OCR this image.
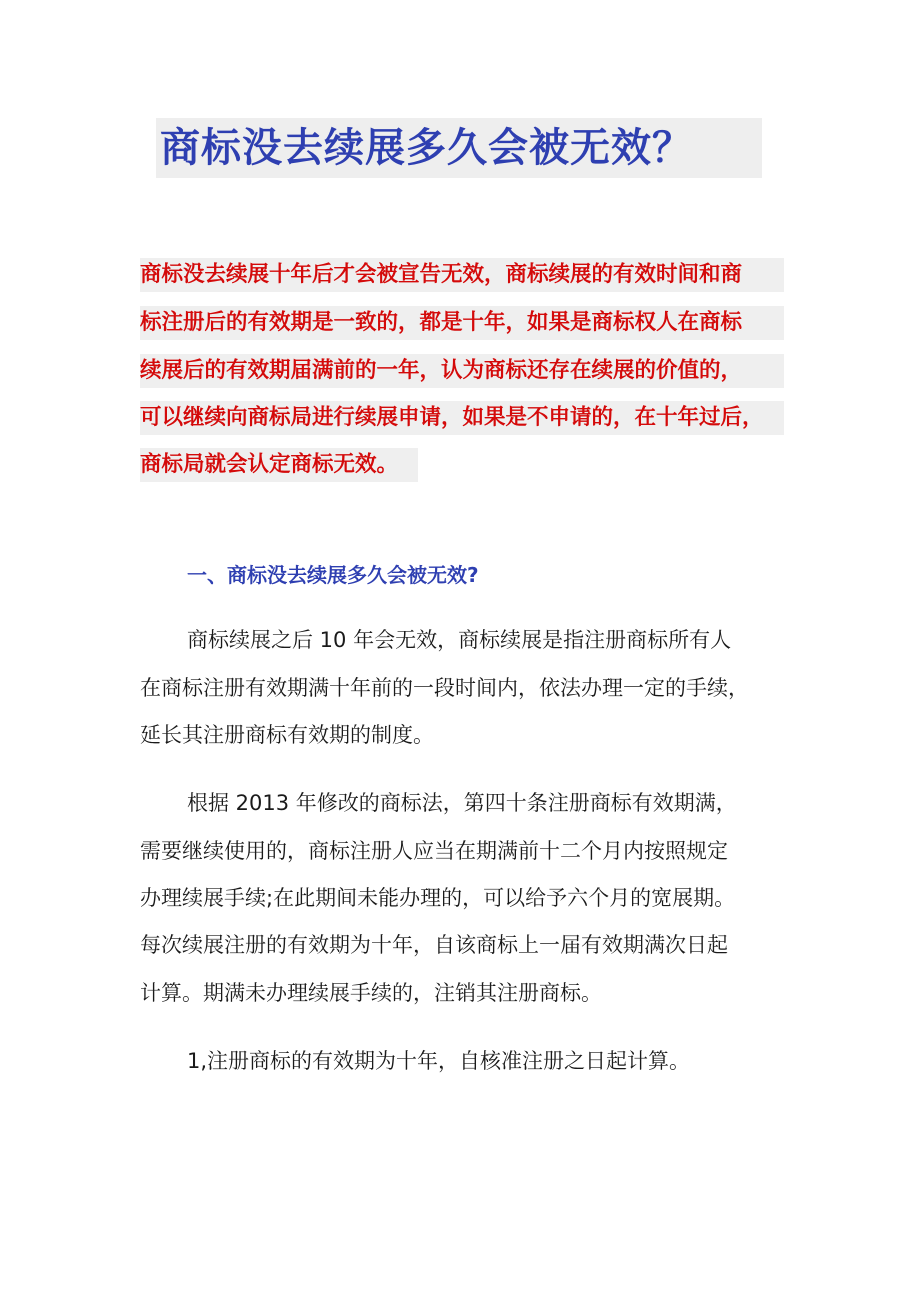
商标没去续展多久会被无效？
商标没去续展十年后才会被宣告无效，商标续展的有效时间和商
标注册后的有效期是一致的，都是十年，如果是商标权人在商标
续展后的有效期届满前的一年，认为商标还存在续展的价值的，
可以继续向商标局进行续展申请，如果是不申请的，在十年过后，
商标局就会认定商标无效。
一、商标没去续展多久会被无效?
商标续展之后 10 年会无效，商标续展是指注册商标所有人
在商标注册有效期满十年前的一段时间内，依法办理一定的手续，
延长其注册商标有效期的制度。
根据 2013 年修改的商标法，第四十条注册商标有效期满，
需要继续使用的，商标注册人应当在期满前十二个月内按照规定
办理续展手续;在此期间未能办理的，可以给予六个月的宽展期。
每次续展注册的有效期为十年，自该商标上一届有效期满次日起
计算。期满未办理续展手续的，注销其注册商标。
1,注册商标的有效期为十年，自核准注册之日起计算。
